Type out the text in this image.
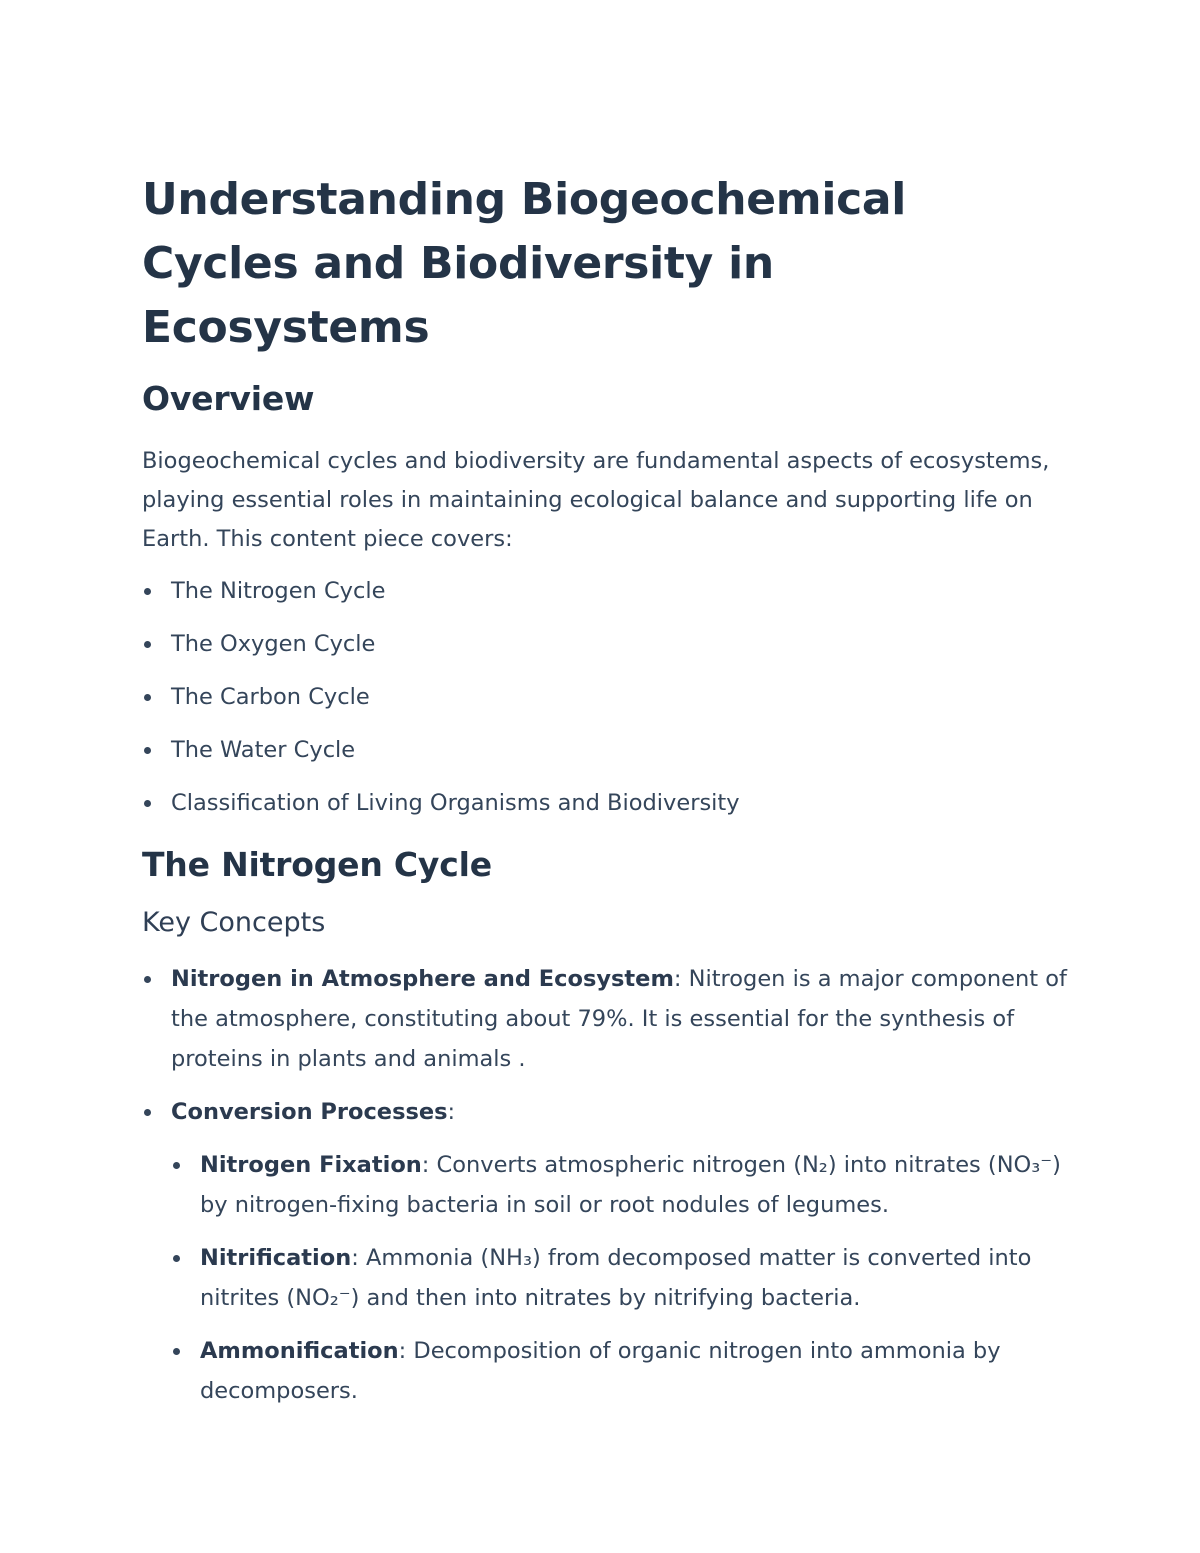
Understanding Biogeochemical Cycles and Biodiversity in Ecosystems
Overview

Biogeochemical cycles and biodiversity are fundamental aspects of ecosystems, playing essential roles in maintaining ecological balance and supporting life on Earth. This content piece covers:

The Nitrogen Cycle
The Oxygen Cycle
The Carbon Cycle
The Water Cycle
Classification of Living Organisms and Biodiversity
The Nitrogen Cycle
Key Concepts
Nitrogen in Atmosphere and Ecosystem: Nitrogen is a major component of the atmosphere, constituting about 79%. It is essential for the synthesis of proteins in plants and animals .
Conversion Processes:
Nitrogen Fixation: Converts atmospheric nitrogen (N₂) into nitrates (NO₃⁻) by nitrogen-fixing bacteria in soil or root nodules of legumes.
Nitrification: Ammonia (NH₃) from decomposed matter is converted into nitrites (NO₂⁻) and then into nitrates by nitrifying bacteria.
Ammonification: Decomposition of organic nitrogen into ammonia by decomposers.
